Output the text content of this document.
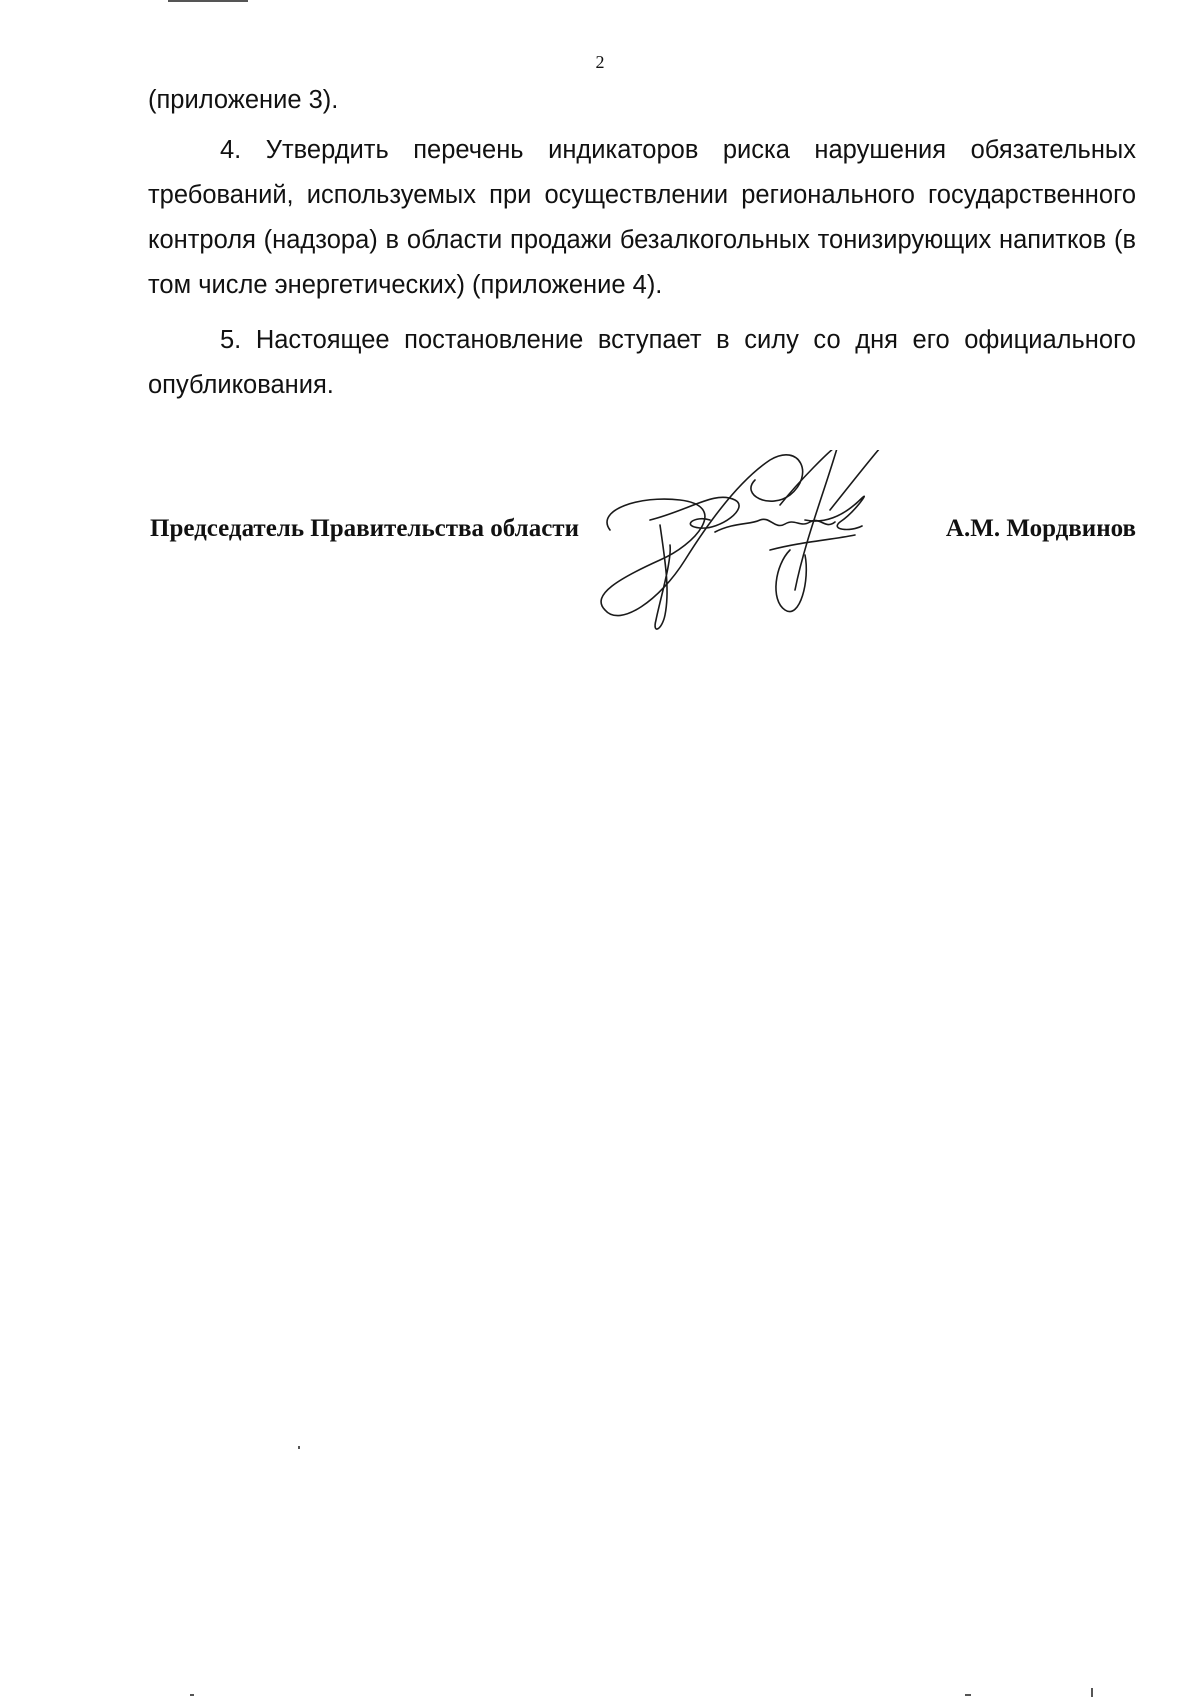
2

(приложение 3).

4. Утвердить перечень индикаторов риска нарушения обязательных требований, используемых при осуществлении регионального государственного контроля (надзора) в области продажи безалкогольных тонизирующих напитков (в том числе энергетических) (приложение 4).

5. Настоящее постановление вступает в силу со дня его официального опубликования.

Председатель Правительства области	А.М. Мордвинов
